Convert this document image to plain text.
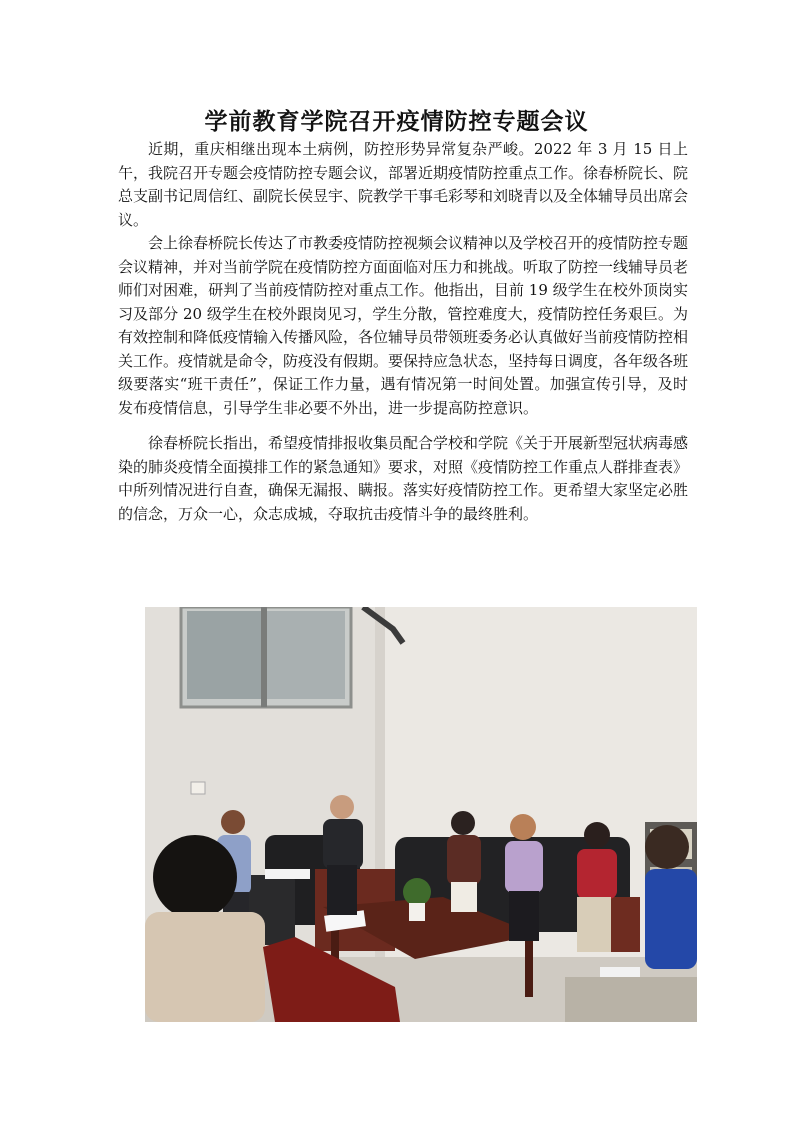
学前教育学院召开疫情防控专题会议

近期，重庆相继出现本土病例，防控形势异常复杂严峻。2022 年 3 月 15 日上午，我院召开专题会疫情防控专题会议，部署近期疫情防控重点工作。徐春桥院长、院总支副书记周信红、副院长侯昱宇、院教学干事毛彩琴和刘晓青以及全体辅导员出席会议。

会上徐春桥院长传达了市教委疫情防控视频会议精神以及学校召开的疫情防控专题会议精神，并对当前学院在疫情防控方面面临对压力和挑战。听取了防控一线辅导员老师们对困难，研判了当前疫情防控对重点工作。他指出，目前 19 级学生在校外顶岗实习及部分 20 级学生在校外跟岗见习，学生分散，管控难度大，疫情防控任务艰巨。为有效控制和降低疫情输入传播风险，各位辅导员带领班委务必认真做好当前疫情防控相关工作。疫情就是命令，防疫没有假期。要保持应急状态，坚持每日调度，各年级各班级要落实“班干责任”，保证工作力量，遇有情况第一时间处置。加强宣传引导，及时发布疫情信息，引导学生非必要不外出，进一步提高防控意识。

徐春桥院长指出，希望疫情排报收集员配合学校和学院《关于开展新型冠状病毒感染的肺炎疫情全面摸排工作的紧急通知》要求，对照《疫情防控工作重点人群排查表》中所列情况进行自查，确保无漏报、瞒报。落实好疫情防控工作。更希望大家坚定必胜的信念，万众一心，众志成城，夺取抗击疫情斗争的最终胜利。
